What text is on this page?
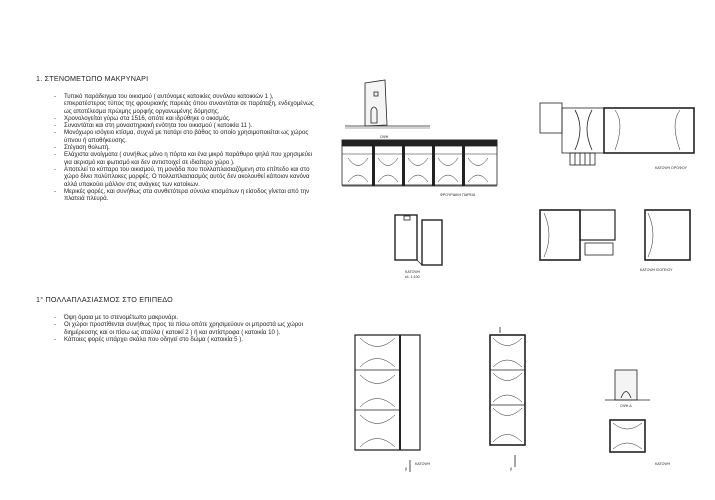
1. ΣΤΕΝΟΜΕΤΩΠΟ ΜΑΚΡΥΝΑΡΙ
- Τυπικό παράδειγμα του οικισμού ( αυτόνομες κατοικίες συνόλου κατοικιών 1 ), επικρατέστερος τύπος της φρουριακής παρειάς όπου συναντάται σε παράταξη, ενδεχομένως ως αποτέλεσμα πρώιμης μορφής οργανωμένης δόμησης.
- Χρονολογείται γύρω στα 1516, οπότε και ιδρύθηκε ο οικισμός.
- Συναντάται και στη μοναστηριακή ενότητα του οικισμού ( κατοικία 11 ).
- Μονόχωρο ισόγειο κτίσμα, συχνά με πατάρι στο βάθος το οποίο χρησιμοποιείται ως χώρος ύπνου ή αποθήκευσης.
- Στέγαση θολωτή.
- Ελάχιστα ανοίγματα ( συνήθως μόνο η πόρτα και ένα μικρό παράθυρο ψηλά που χρησιμεύει για αερισμό και φωτισμό και δεν αντιστοιχεί σε ιδιαίτερο χώρο ).
- Αποτελεί το κύτταρο του οικισμού, τη μονάδα που πολλαπλασιαζόμενη στο επίπεδο και στο χώρο δίνει πολύπλοκες μορφές. Ο πολλαπλασιασμός αυτός δεν ακολουθεί κάποιον κανόνα αλλά υπακούει μάλλον στις ανάγκες των κατοίκων.
- Μερικές φορές, και συνήθως στα συνθετότερα σύνολα κτισμάτων η είσοδος γίνεται από την πλατειά πλευρά.
1° ΠΟΛΛΑΠΛΑΣΙΑΣΜΟΣ ΣΤΟ ΕΠΙΠΕΔΟ
- Όψη όμοια με το στενομέτωπο μακρυνάρι.
- Οι χώροι προστίθενται συνήθως προς τα πίσω οπότε χρησιμεύουν οι μπροστά ως χώροι διημέρευσης και οι πίσω ως σταύλα ( κατοικί 2 ) ή και αντίστροφα ( κατοικία 10 ).
- Κάποιες φορές υπάρχει σκάλα που οδηγεί στο δώμα ( κατοικία 5 ).
ΟΨΗ
ΦΡΟΥΡΙΑΚΗ ΠΑΡΕΙΑ
ΚΑΤΟΨΗ ΟΡΟΦΟΥ
ΚΑΤΟΨΗ
κλ. 1:100
ΚΑΤΟΨΗ ΙΣΟΓΕΙΟΥ
β
ΚΑΤΟΨΗ
β
ΟΨΗ Α
ΚΑΤΟΨΗ
